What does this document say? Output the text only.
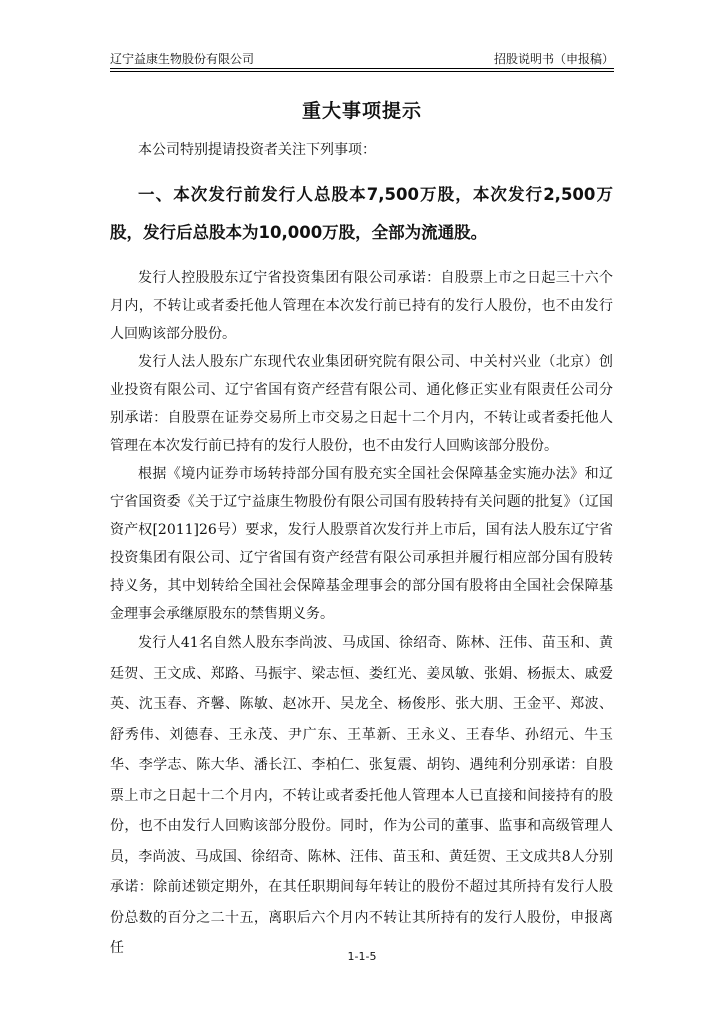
辽宁益康生物股份有限公司	招股说明书（申报稿）
重大事项提示

本公司特别提请投资者关注下列事项：

一、本次发行前发行人总股本7,500万股，本次发行2,500万股，发行后总股本为10,000万股，全部为流通股。

发行人控股股东辽宁省投资集团有限公司承诺：自股票上市之日起三十六个月内，不转让或者委托他人管理在本次发行前已持有的发行人股份，也不由发行人回购该部分股份。

发行人法人股东广东现代农业集团研究院有限公司、中关村兴业（北京）创业投资有限公司、辽宁省国有资产经营有限公司、通化修正实业有限责任公司分别承诺：自股票在证券交易所上市交易之日起十二个月内，不转让或者委托他人管理在本次发行前已持有的发行人股份，也不由发行人回购该部分股份。

根据《境内证券市场转持部分国有股充实全国社会保障基金实施办法》和辽宁省国资委《关于辽宁益康生物股份有限公司国有股转持有关问题的批复》（辽国资产权[2011]26号）要求，发行人股票首次发行并上市后，国有法人股东辽宁省投资集团有限公司、辽宁省国有资产经营有限公司承担并履行相应部分国有股转持义务，其中划转给全国社会保障基金理事会的部分国有股将由全国社会保障基金理事会承继原股东的禁售期义务。

发行人41名自然人股东李尚波、马成国、徐绍奇、陈林、汪伟、苗玉和、黄廷贺、王文成、郑路、马振宇、梁志恒、娄红光、姜凤敏、张娟、杨振太、戚爱英、沈玉春、齐馨、陈敏、赵冰开、吴龙全、杨俊彤、张大朋、王金平、郑波、舒秀伟、刘德春、王永茂、尹广东、王革新、王永义、王春华、孙绍元、牛玉华、李学志、陈大华、潘长江、李柏仁、张复震、胡钧、遇纯利分别承诺：自股票上市之日起十二个月内，不转让或者委托他人管理本人已直接和间接持有的股份，也不由发行人回购该部分股份。同时，作为公司的董事、监事和高级管理人员，李尚波、马成国、徐绍奇、陈林、汪伟、苗玉和、黄廷贺、王文成共8人分别承诺：除前述锁定期外，在其任职期间每年转让的股份不超过其所持有发行人股份总数的百分之二十五，离职后六个月内不转让其所持有的发行人股份，申报离任

1-1-5
